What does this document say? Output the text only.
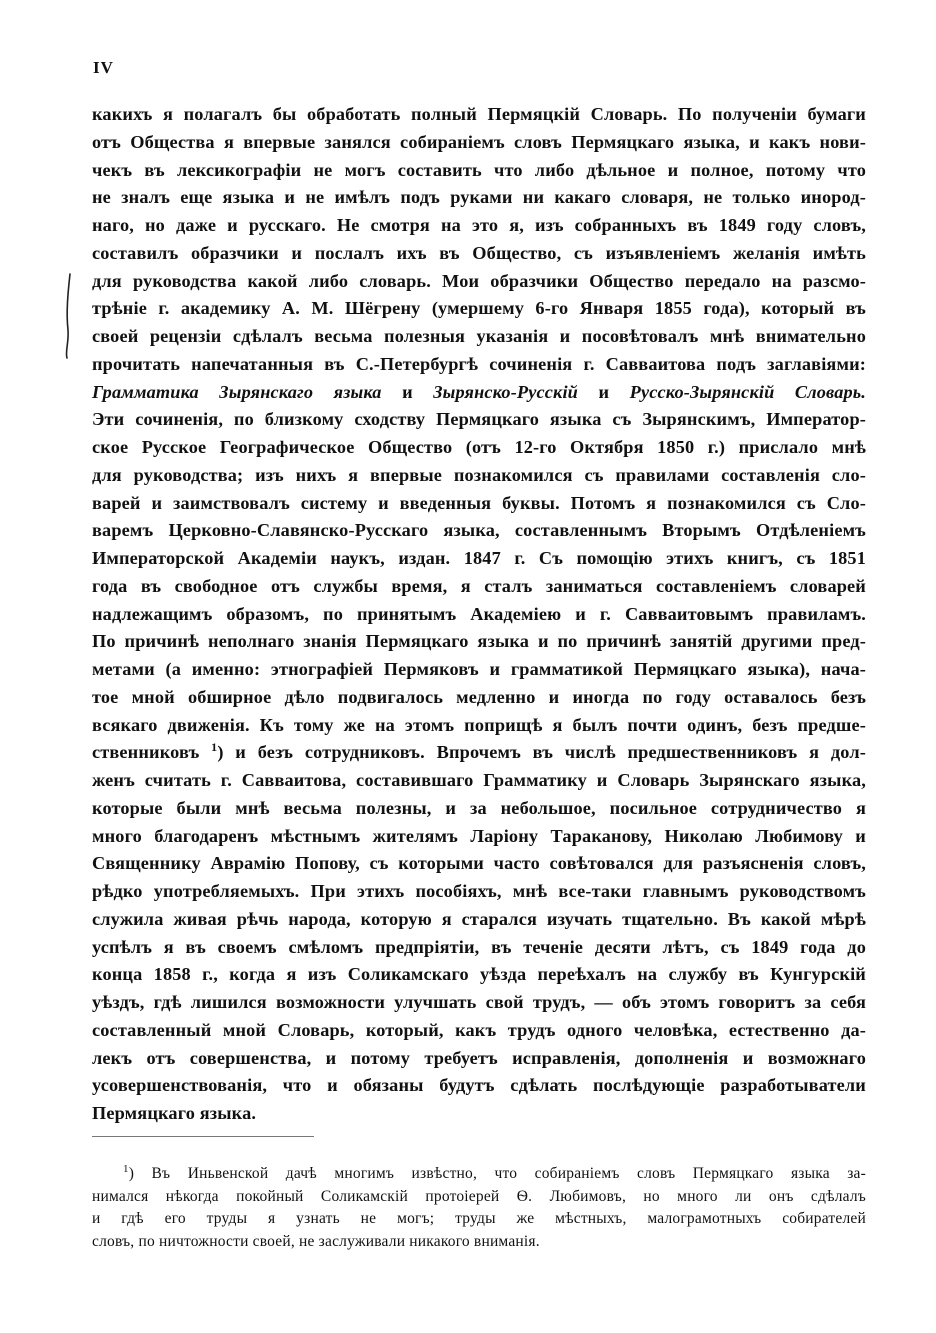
IV
какихъ я полагалъ бы обработать полный Пермяцкій Словарь. По полученіи бумаги
отъ Общества я впервые занялся собираніемъ словъ Пермяцкаго языка, и какъ нови-
чекъ въ лексикографіи не могъ составить что либо дѣльное и полное, потому что
не зналъ еще языка и не имѣлъ подъ руками ни какаго словаря, не только инород-
наго, но даже и русскаго. Не смотря на это я, изъ собранныхъ въ 1849 году словъ,
составилъ образчики и послалъ ихъ въ Общество, съ изъявленіемъ желанія имѣть
для руководства какой либо словарь. Мои образчики Общество передало на разсмо-
трѣніе г. академику А. М. Шёгрену (умершему 6-го Января 1855 года), который въ
своей рецензіи сдѣлалъ весьма полезныя указанія и посовѣтовалъ мнѣ внимательно
прочитать напечатанныя въ С.-Петербургѣ сочиненія г. Савваитова подъ заглавіями:
Грамматика Зырянскаго языка и Зырянско-Русскій и Русско-Зырянскій Словарь.
Эти сочиненія, по близкому сходству Пермяцкаго языка съ Зырянскимъ, Император-
ское Русское Географическое Общество (отъ 12-го Октября 1850 г.) прислало мнѣ
для руководства; изъ нихъ я впервые познакомился съ правилами составленія сло-
варей и заимствовалъ систему и введенныя буквы. Потомъ я познакомился съ Сло-
варемъ Церковно-Славянско-Русскаго языка, составленнымъ Вторымъ Отдѣленіемъ
Императорской Академіи наукъ, издан. 1847 г. Съ помощію этихъ книгъ, съ 1851
года въ свободное отъ службы время, я сталъ заниматься составленіемъ словарей
надлежащимъ образомъ, по принятымъ Академіею и г. Савваитовымъ правиламъ.
По причинѣ неполнаго знанія Пермяцкаго языка и по причинѣ занятій другими пред-
метами (а именно: этнографіей Пермяковъ и грамматикой Пермяцкаго языка), нача-
тое мной обширное дѣло подвигалось медленно и иногда по году оставалось безъ
всякаго движенія. Къ тому же на этомъ поприщѣ я былъ почти одинъ, безъ предше-
ственниковъ $^1$) и безъ сотрудниковъ. Впрочемъ въ числѣ предшественниковъ я дол-
женъ считать г. Савваитова, составившаго Грамматику и Словарь Зырянскаго языка,
которые были мнѣ весьма полезны, и за небольшое, посильное сотрудничество я
много благодаренъ мѣстнымъ жителямъ Ларіону Тараканову, Николаю Любимову и
Священнику Аврамію Попову, съ которыми часто совѣтовался для разъясненія словъ,
рѣдко употребляемыхъ. При этихъ пособіяхъ, мнѣ все-таки главнымъ руководствомъ
служила живая рѣчь народа, которую я старался изучать тщательно. Въ какой мѣрѣ
успѣлъ я въ своемъ смѣломъ предпріятіи, въ теченіе десяти лѣтъ, съ 1849 года до
конца 1858 г., когда я изъ Соликамскаго уѣзда переѣхалъ на службу въ Кунгурскій
уѣздъ, гдѣ лишился возможности улучшать свой трудъ, — объ этомъ говоритъ за себя
составленный мной Словарь, который, какъ трудъ одного человѣка, естественно да-
лекъ отъ совершенства, и потому требуетъ исправленія, дополненія и возможнаго
усовершенствованія, что и обязаны будутъ сдѣлать послѣдующіе разработыватели
Пермяцкаго языка.
$^1$) Въ Иньвенской дачѣ многимъ извѣстно, что собираніемъ словъ Пермяцкаго языка за-
нимался нѣкогда покойный Соликамскій протоіерей Ѳ. Любимовъ, но много ли онъ сдѣлалъ
и гдѣ его труды я узнать не могъ; труды же мѣстныхъ, малограмотныхъ собирателей
словъ, по ничтожности своей, не заслуживали никакого вниманія.
